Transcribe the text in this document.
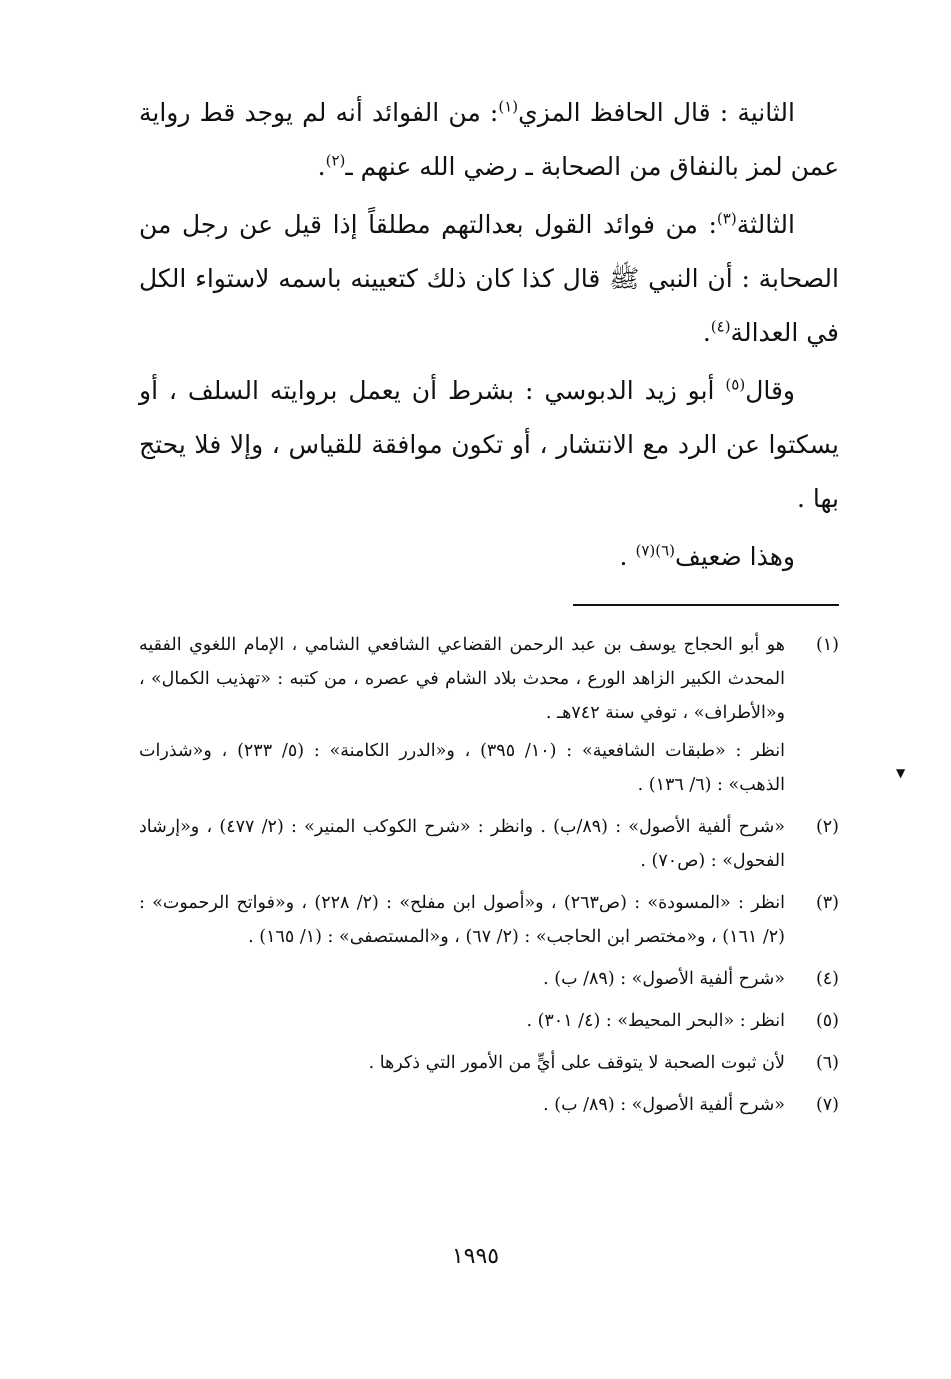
الثانية : قال الحافظ المزي$^{(١)}$: من الفوائد أنه لم يوجد قط رواية عمن لمز بالنفاق من الصحابة ـ رضي الله عنهم ـ$^{(٢)}$.

الثالثة$^{(٣)}$: من فوائد القول بعدالتهم مطلقاً إذا قيل عن رجل من الصحابة : أن النبي ﷺ قال كذا كان ذلك كتعيينه باسمه لاستواء الكل في العدالة$^{(٤)}$.

وقال$^{(٥)}$ أبو زيد الدبوسي : بشرط أن يعمل بروايته السلف ، أو يسكتوا عن الرد مع الانتشار ، أو تكون موافقة للقياس ، وإلا فلا يحتج بها .

وهذا ضعيف$^{(٦)(٧)}$ .

▼
(١)

هو أبو الحجاج يوسف بن عبد الرحمن القضاعي الشافعي الشامي ، الإمام اللغوي الفقيه المحدث الكبير الزاهد الورع ، محدث بلاد الشام في عصره ، من كتبه : «تهذيب الكمال» ، و«الأطراف» ، توفي سنة ٧٤٢هـ .

انظر : «طبقات الشافعية» : (١٠/ ٣٩٥) ، و«الدرر الكامنة» : (٥/ ٢٣٣) ، و«شذرات الذهب» : (٦/ ١٣٦) .

(٢)

«شرح ألفية الأصول» : (٨٩/ب) . وانظر : «شرح الكوكب المنير» : (٢/ ٤٧٧) ، و«إرشاد الفحول» : (ص٧٠) .

(٣)

انظر : «المسودة» : (ص٢٦٣) ، و«أصول ابن مفلح» : (٢/ ٢٢٨) ، و«فواتح الرحموت» : (٢/ ١٦١) ، و«مختصر ابن الحاجب» : (٢/ ٦٧) ، و«المستصفى» : (١/ ١٦٥) .

(٤)

«شرح ألفية الأصول» : (٨٩/ ب) .

(٥)

انظر : «البحر المحيط» : (٤/ ٣٠١) .

(٦)

لأن ثبوت الصحبة لا يتوقف على أيٍّ من الأمور التي ذكرها .

(٧)

«شرح ألفية الأصول» : (٨٩/ ب) .

١٩٩٥
